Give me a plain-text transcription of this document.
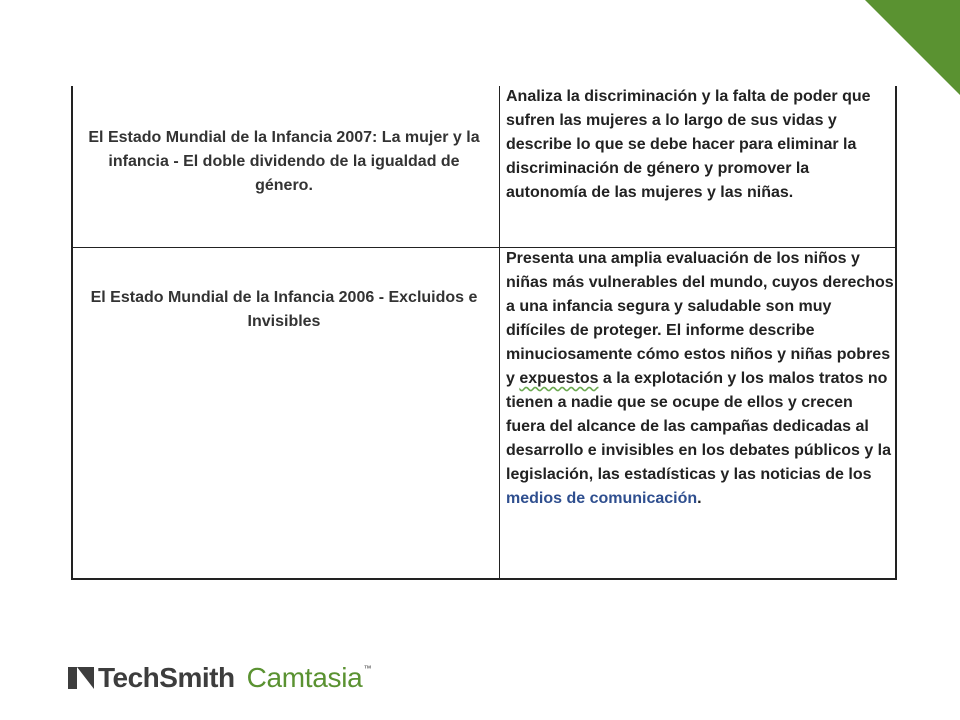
El Estado Mundial de la Infancia 2007: La mujer y la infancia - El doble dividendo de la igualdad de género.
Analiza la discriminación y la falta de poder que sufren las mujeres a lo largo de sus vidas y describe lo que se debe hacer para eliminar la discriminación de género y promover la autonomía de las mujeres y las niñas.
El Estado Mundial de la Infancia 2006 - Excluidos e Invisibles
Presenta una amplia evaluación de los niños y niñas más vulnerables del mundo, cuyos derechos a una infancia segura y saludable son muy difíciles de proteger. El informe describe minuciosamente cómo estos niños y niñas pobres y expuestos a la explotación y los malos tratos no tienen a nadie que se ocupe de ellos y crecen fuera del alcance de las campañas dedicadas al desarrollo e invisibles en los debates públicos y la legislación, las estadísticas y las noticias de los medios de comunicación.
TechSmith Camtasia ™
